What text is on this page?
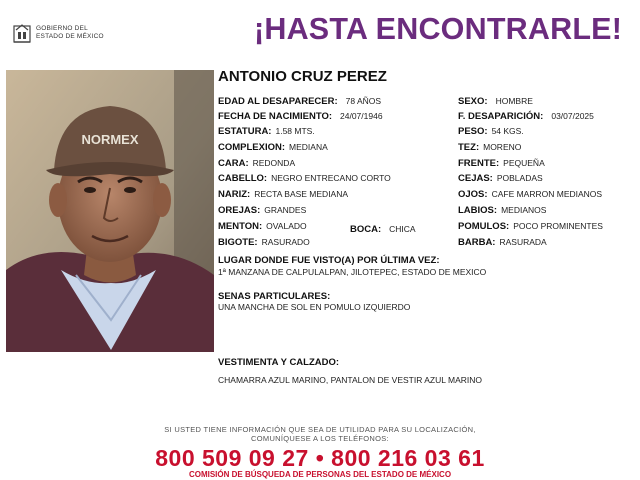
GOBIERNO DEL
ESTADO DE MÉXICO	¡HASTA ENCONTRARLE!
NORMEX
ANTONIO CRUZ PEREZ
EDAD AL DESAPARECER: 78 AÑOS
FECHA DE NACIMIENTO: 24/07/1946
ESTATURA: 1.58 MTS.
COMPLEXION: MEDIANA
CARA: REDONDA
CABELLO: NEGRO ENTRECANO CORTO
NARIZ: RECTA BASE MEDIANA
OREJAS: GRANDES
MENTON: OVALADO
BIGOTE: RASURADO
BOCA: CHICA
SEXO: HOMBRE
F. DESAPARICIÓN: 03/07/2025
PESO: 54 KGS.
TEZ: MORENO
FRENTE: PEQUEÑA
CEJAS: POBLADAS
OJOS: CAFE MARRON MEDIANOS
LABIOS: MEDIANOS
POMULOS: POCO PROMINENTES
BARBA: RASURADA
LUGAR DONDE FUE VISTO(A) POR ÚLTIMA VEZ:
1ª MANZANA DE CALPULALPAN, JILOTEPEC, ESTADO DE MEXICO
SENAS PARTICULARES:
UNA MANCHA DE SOL EN POMULO IZQUIERDO
VESTIMENTA Y CALZADO:
CHAMARRA AZUL MARINO, PANTALON DE VESTIR AZUL MARINO
SI USTED TIENE INFORMACIÓN QUE SEA DE UTILIDAD PARA SU LOCALIZACIÓN,
COMUNÍQUESE A LOS TELÉFONOS:
800 509 09 27 • 800 216 03 61
COMISIÓN DE BÚSQUEDA DE PERSONAS DEL ESTADO DE MÉXICO
